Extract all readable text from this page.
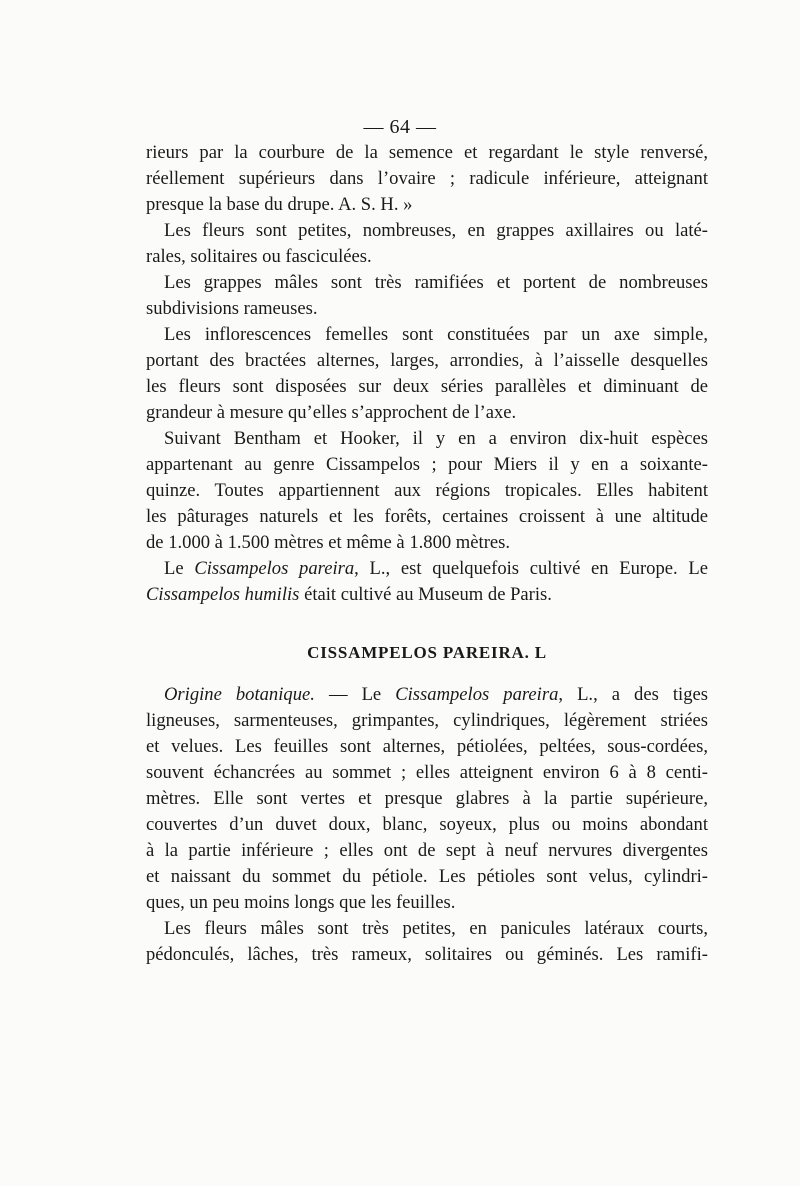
— 64 —
rieurs par la courbure de la semence et regardant le style renversé,
réellement supérieurs dans l’ovaire ; radicule inférieure, atteignant
presque la base du drupe. A. S. H. »
Les fleurs sont petites, nombreuses, en grappes axillaires ou laté-
rales, solitaires ou fasciculées.
Les grappes mâles sont très ramifiées et portent de nombreuses
subdivisions rameuses.
Les inflorescences femelles sont constituées par un axe simple,
portant des bractées alternes, larges, arrondies, à l’aisselle desquelles
les fleurs sont disposées sur deux séries parallèles et diminuant de
grandeur à mesure qu’elles s’approchent de l’axe.
Suivant Bentham et Hooker, il y en a environ dix-huit espèces
appartenant au genre Cissampelos ; pour Miers il y en a soixante-
quinze. Toutes appartiennent aux régions tropicales. Elles habitent
les pâturages naturels et les forêts, certaines croissent à une altitude
de 1.000 à 1.500 mètres et même à 1.800 mètres.
Le Cissampelos pareira, L., est quelquefois cultivé en Europe. Le
Cissampelos humilis était cultivé au Museum de Paris.
CISSAMPELOS PAREIRA. L
Origine botanique. — Le Cissampelos pareira, L., a des tiges
ligneuses, sarmenteuses, grimpantes, cylindriques, légèrement striées
et velues. Les feuilles sont alternes, pétiolées, peltées, sous-cordées,
souvent échancrées au sommet ; elles atteignent environ 6 à 8 centi-
mètres. Elle sont vertes et presque glabres à la partie supérieure,
couvertes d’un duvet doux, blanc, soyeux, plus ou moins abondant
à la partie inférieure ; elles ont de sept à neuf nervures divergentes
et naissant du sommet du pétiole. Les pétioles sont velus, cylindri-
ques, un peu moins longs que les feuilles.
Les fleurs mâles sont très petites, en panicules latéraux courts,
pédonculés, lâches, très rameux, solitaires ou géminés. Les ramifi-
